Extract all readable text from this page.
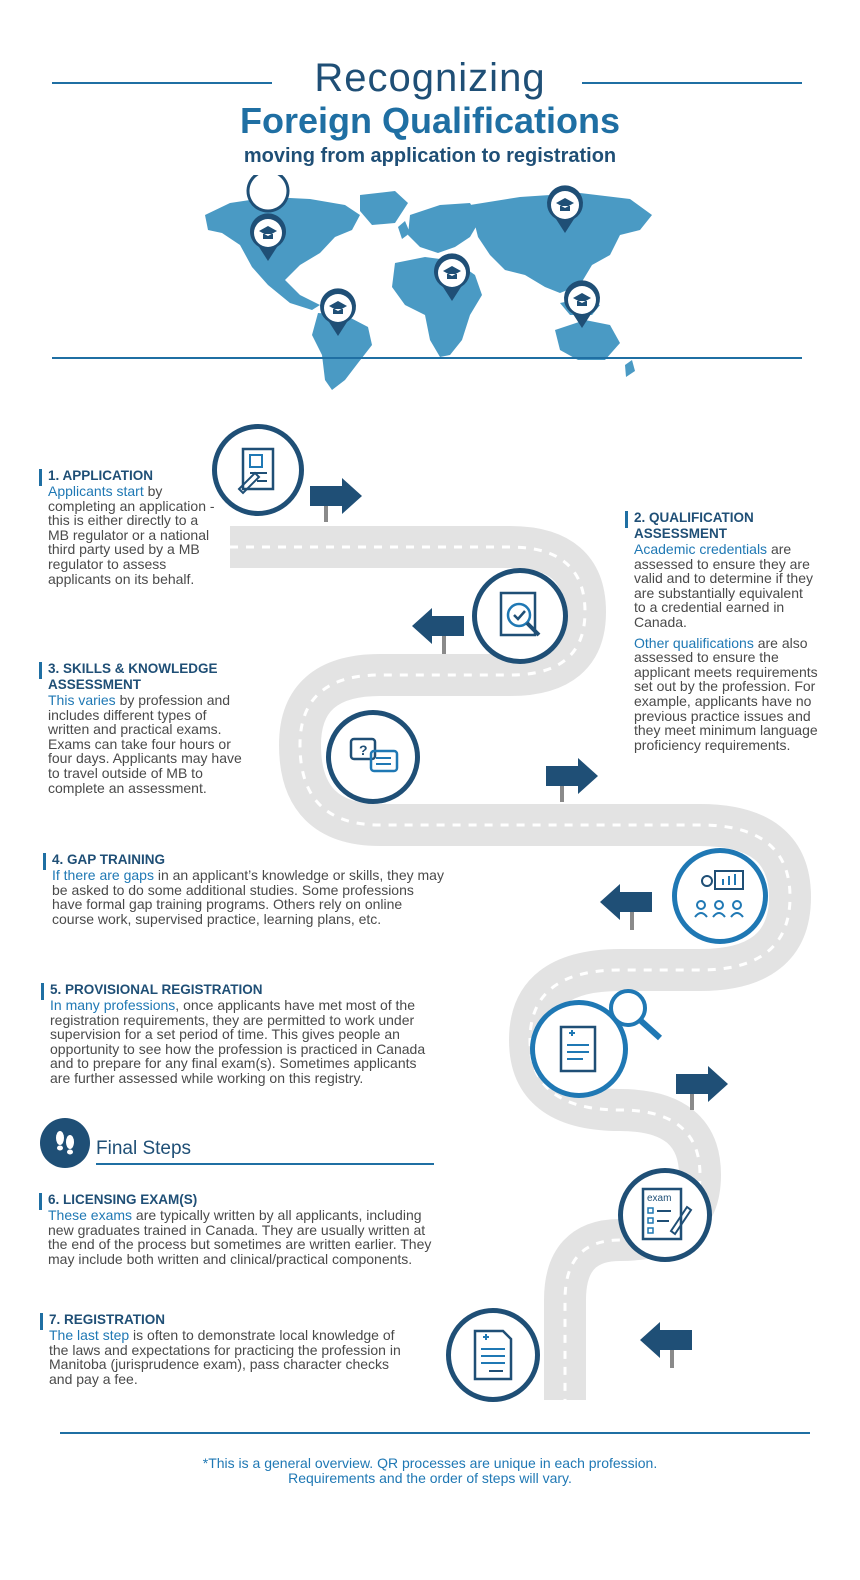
Recognizing
Foreign Qualifications
moving from application to registration
?
exam
1. APPLICATION

Applicants start by completing an application - this is either directly to a MB regulator or a national third party used by a MB regulator to assess applicants on its behalf.

2. QUALIFICATION ASSESSMENT

Academic credentials are assessed to ensure they are valid and to determine if they are substantially equivalent to a credential earned in Canada.

Other qualifications are also assessed to ensure the applicant meets requirements set out by the profession. For example, applicants have no previous practice issues and they meet minimum language proficiency requirements.

3. SKILLS & KNOWLEDGE ASSESSMENT

This varies by profession and includes different types of written and practical exams. Exams can take four hours or four days. Applicants may have to travel outside of MB to complete an assessment.

4. GAP TRAINING

If there are gaps in an applicant’s knowledge or skills, they may be asked to do some additional studies. Some professions have formal gap training programs. Others rely on online course work, supervised practice, learning plans, etc.

5. PROVISIONAL REGISTRATION

In many professions, once applicants have met most of the registration requirements, they are permitted to work under supervision for a set period of time. This gives people an opportunity to see how the profession is practiced in Canada and to prepare for any final exam(s). Sometimes applicants are further assessed while working on this registry.

Final Steps
6. LICENSING EXAM(S)

These exams are typically written by all applicants, including new graduates trained in Canada. They are usually written at the end of the process but sometimes are written earlier. They may include both written and clinical/practical components.

7. REGISTRATION

The last step is often to demonstrate local knowledge of the laws and expectations for practicing the profession in Manitoba (jurisprudence exam), pass character checks and pay a fee.

*This is a general overview. QR processes are unique in each profession.
Requirements and the order of steps will vary.
